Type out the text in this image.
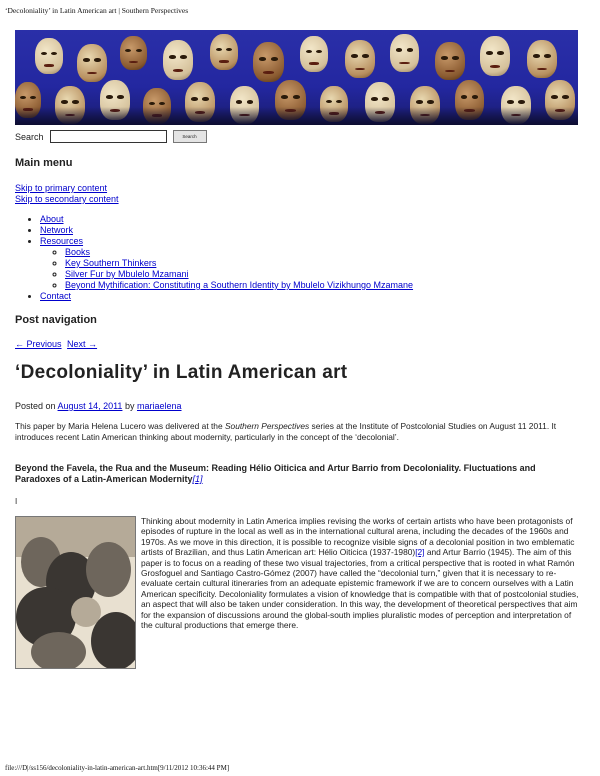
‘Decoloniality’ in Latin American art | Southern Perspectives
Search	Search
Main menu
Skip to primary content
Skip to secondary content
• About
• Network
• Resources
◦ Books
◦ Key Southern Thinkers
◦ Silver Fur by Mbulelo Mzamani
◦ Beyond Mythification: Constituting a Southern Identity by Mbulelo Vizikhungo Mzamane
• Contact
Post navigation
← Previous Next →
‘Decoloniality’ in Latin American art
Posted on August 14, 2011 by mariaelena

This paper by Maria Helena Lucero was delivered at the Southern Perspectives series at the Institute of Postcolonial Studies on August 11 2011. It introduces recent Latin American thinking about modernity, particularly in the concept of the ‘decolonial’.

Beyond the Favela, the Rua and the Museum: Reading Hélio Oiticica and Artur Barrio from Decoloniality. Fluctuations and Paradoxes of a Latin-American Modernity[1]

I

Thinking about modernity in Latin America implies revising the works of certain artists who have been protagonists of episodes of rupture in the local as well as in the international cultural arena, including the decades of the 1960s and 1970s. As we move in this direction, it is possible to recognize visible signs of a decolonial position in two emblematic artists of Brazilian, and thus Latin American art: Hélio Oiticica (1937-1980)[2] and Artur Barrio (1945). The aim of this paper is to focus on a reading of these two visual trajectories, from a critical perspective that is rooted in what Ramón Grosfoguel and Santiago Castro-Gómez (2007) have called the “decolonial turn,” given that it is necessary to re-evaluate certain cultural itineraries from an adequate epistemic framework if we are to concern ourselves with a Latin American specificity. Decoloniality formulates a vision of knowledge that is compatible with that of postcolonial studies, an aspect that will also be taken under consideration. In this way, the development of theoretical perspectives that aim for the expansion of discussions around the global-south implies pluralistic modes of perception and interpretation of the cultural productions that emerge there.

file:///D|/ss156/decoloniality-in-latin-american-art.htm[9/11/2012 10:36:44 PM]
